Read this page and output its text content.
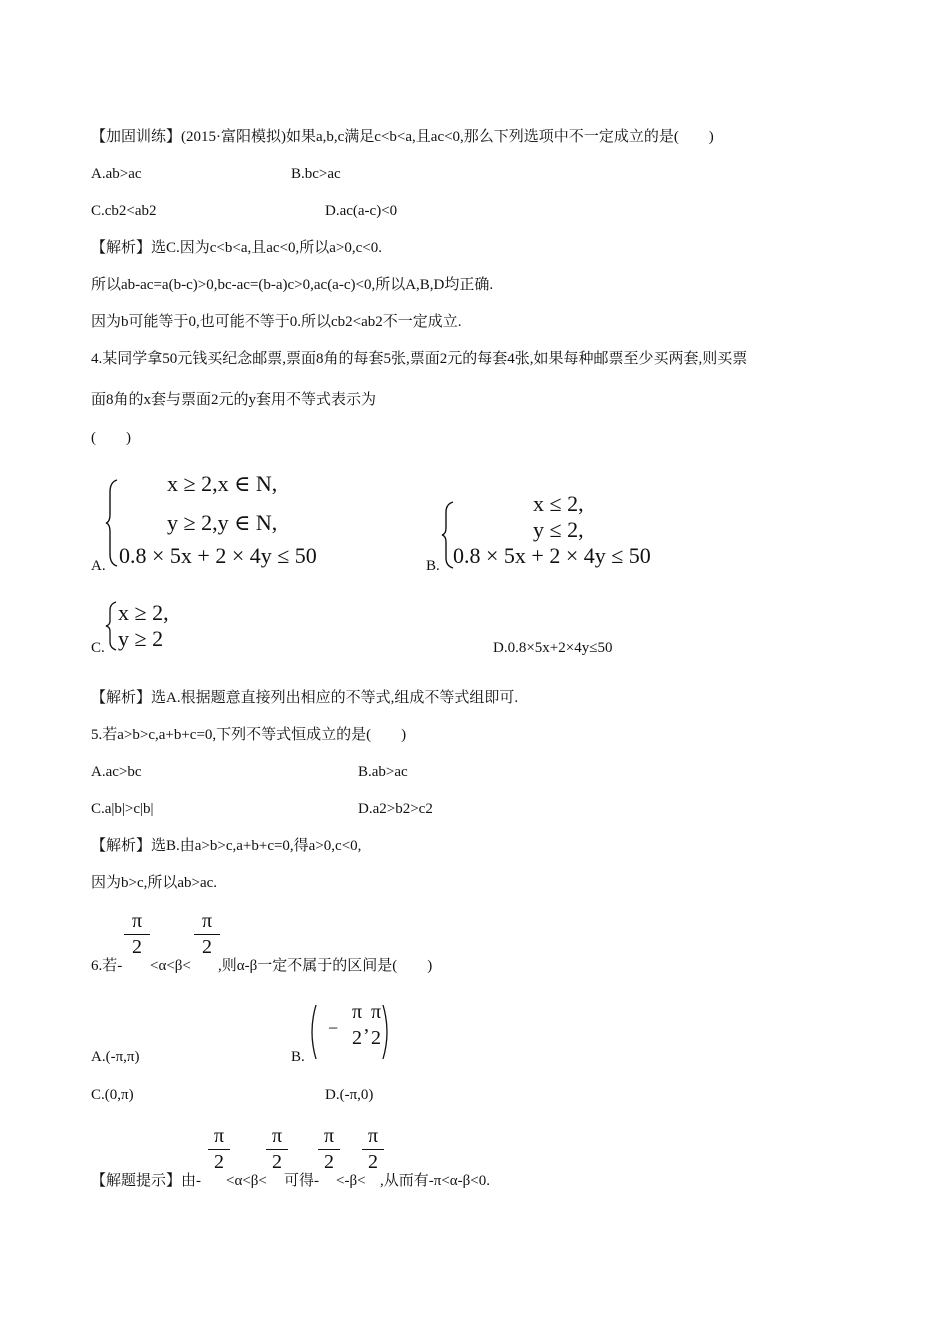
【加固训练】(2015·富阳模拟)如果a,b,c满足c<b<a,且ac<0,那么下列选项中不一定成立的是(　　)
A.ab>ac	B.bc>ac
C.cb2<ab2	D.ac(a-c)<0
【解析】选C.因为c<b<a,且ac<0,所以a>0,c<0.
所以ab-ac=a(b-c)>0,bc-ac=(b-a)c>0,ac(a-c)<0,所以A,B,D均正确.
因为b可能等于0,也可能不等于0.所以cb2<ab2不一定成立.
4.某同学拿50元钱买纪念邮票,票面8角的每套5张,票面2元的每套4张,如果每种邮票至少买两套,则买票
面8角的x套与票面2元的y套用不等式表示为
(　　)
A.
x ≥ 2,x ∈ N,
y ≥ 2,y ∈ N,
0.8 × 5x + 2 × 4y ≤ 50	B.
x ≤ 2,
y ≤ 2,
0.8 × 5x + 2 × 4y ≤ 50
C.
x ≥ 2,
y ≥ 2	D.0.8×5x+2×4y≤50
【解析】选A.根据题意直接列出相应的不等式,组成不等式组即可.
5.若a>b>c,a+b+c=0,下列不等式恒成立的是(　　)
A.ac>bc	B.ab>ac
C.a|b|>c|b|	D.a2>b2>c2
【解析】选B.由a>b>c,a+b+c=0,得a>0,c<0,
因为b>c,所以ab>ac.
6.若-
π
2
<α<β<
π
2
,则α-β一定不属于的区间是(　　)
A.(-π,π)	B.
−
π
2
,
π
2
C.(0,π)	D.(-π,0)
【解题提示】由-
π
2
<α<β<
π
2
可得-
π
2
<-β<
π
2
,从而有-π<α-β<0.
